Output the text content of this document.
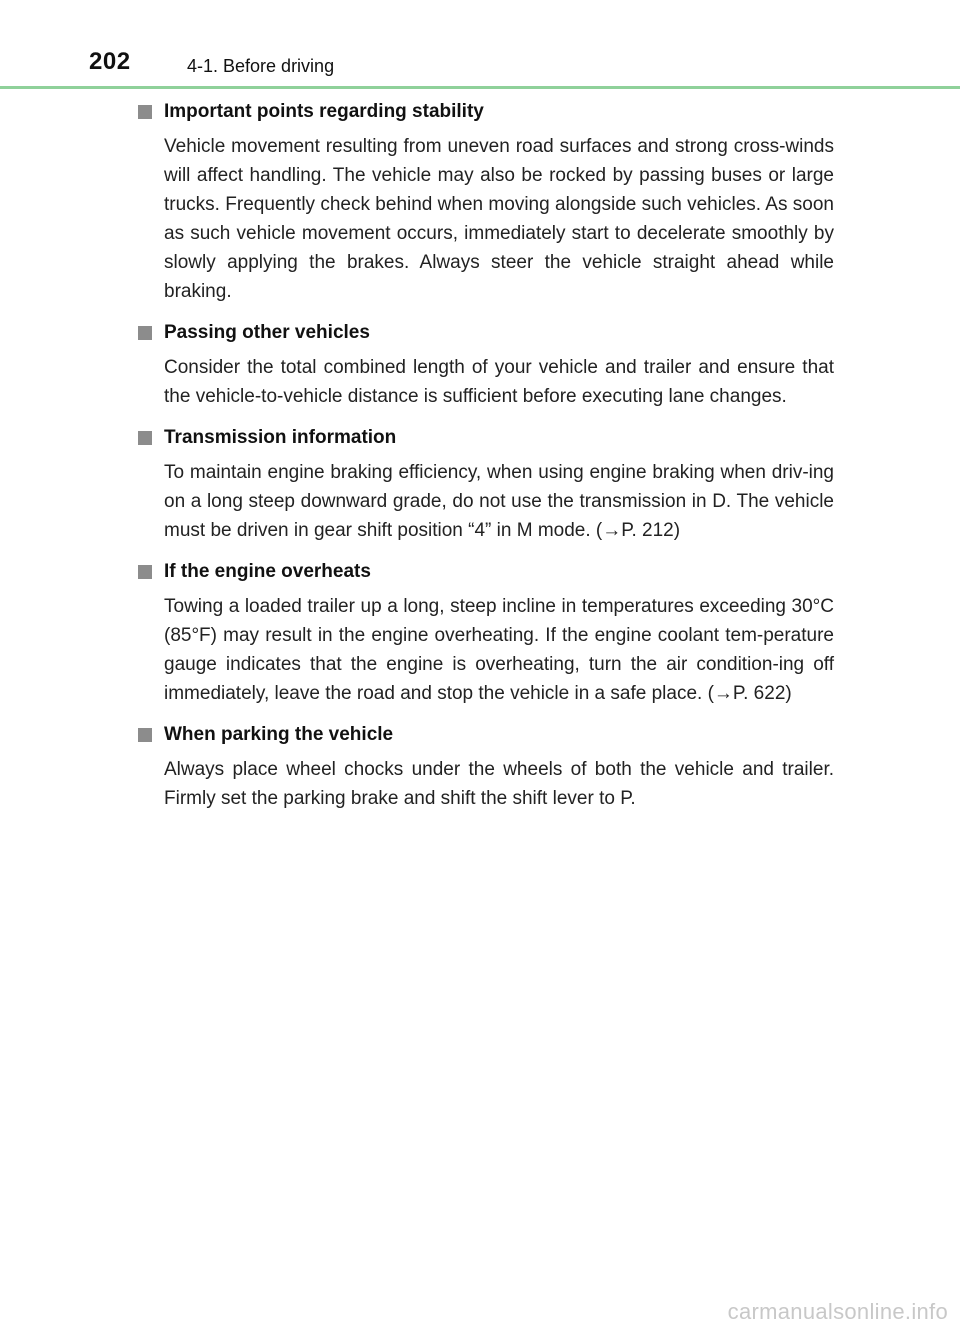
202	4-1. Before driving
Important points regarding stability
Vehicle movement resulting from uneven road surfaces and strong cross-winds will affect handling. The vehicle may also be rocked by passing buses or large trucks. Frequently check behind when moving alongside such vehicles. As soon as such vehicle movement occurs, immediately start to decelerate smoothly by slowly applying the brakes. Always steer the vehicle straight ahead while braking.
Passing other vehicles
Consider the total combined length of your vehicle and trailer and ensure that the vehicle-to-vehicle distance is sufficient before executing lane changes.
Transmission information
To maintain engine braking efficiency, when using engine braking when driv-ing on a long steep downward grade, do not use the transmission in D. The vehicle must be driven in gear shift position “4” in M mode. (→P. 212)
If the engine overheats
Towing a loaded trailer up a long, steep incline in temperatures exceeding 30°C (85°F) may result in the engine overheating. If the engine coolant tem-perature gauge indicates that the engine is overheating, turn the air condition-ing off immediately, leave the road and stop the vehicle in a safe place. (→P. 622)
When parking the vehicle
Always place wheel chocks under the wheels of both the vehicle and trailer. Firmly set the parking brake and shift the shift lever to P.
carmanualsonline.info
